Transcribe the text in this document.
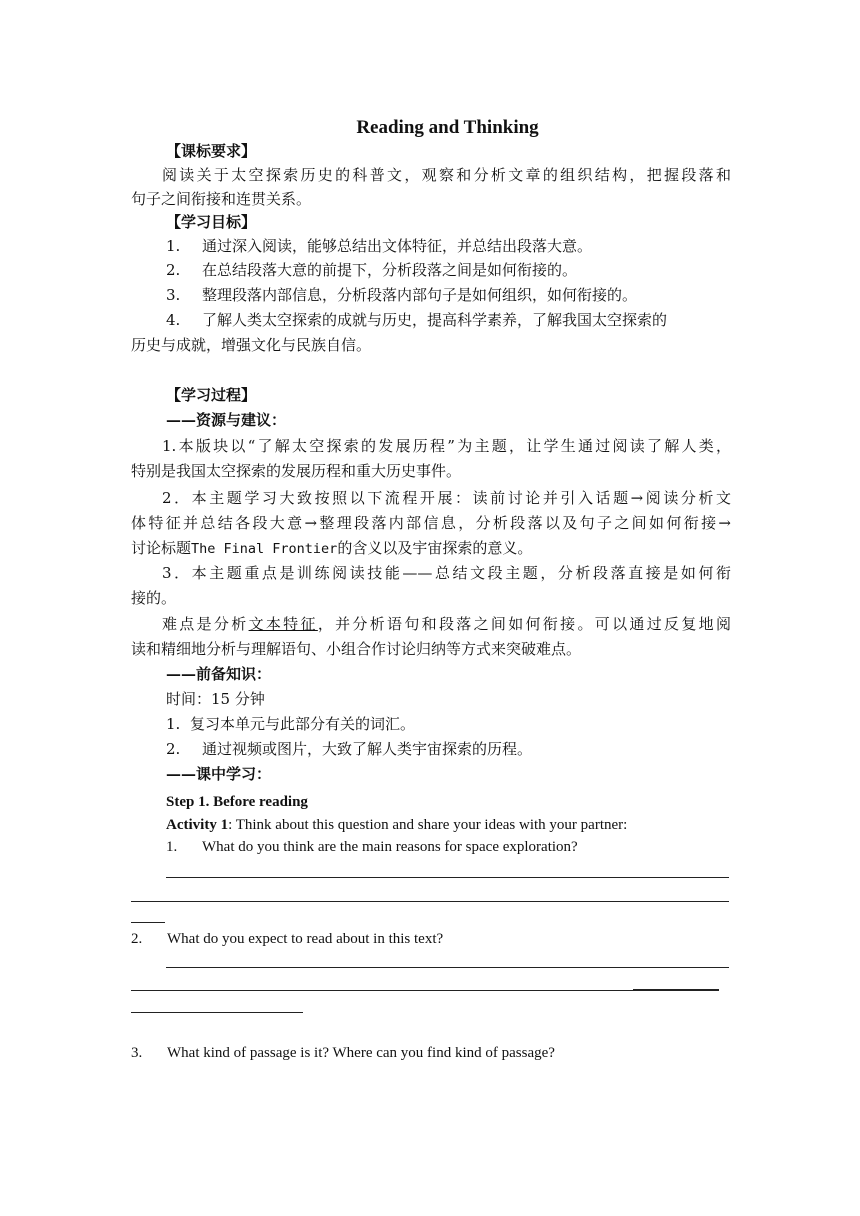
Reading and Thinking
【课标要求】
阅读关于太空探索历史的科普文，观察和分析文章的组织结构，把握段落和
句子之间衔接和连贯关系。
【学习目标】
1. 通过深入阅读，能够总结出文体特征，并总结出段落大意。
2. 在总结段落大意的前提下，分析段落之间是如何衔接的。
3. 整理段落内部信息，分析段落内部句子是如何组织，如何衔接的。
4. 了解人类太空探索的成就与历史，提高科学素养，了解我国太空探索的
历史与成就，增强文化与民族自信。
【学习过程】
——资源与建议：
1.本版块以“了解太空探索的发展历程”为主题，让学生通过阅读了解人类，
特别是我国太空探索的发展历程和重大历史事件。
2．本主题学习大致按照以下流程开展：读前讨论并引入话题→阅读分析文
体特征并总结各段大意→整理段落内部信息，分析段落以及句子之间如何衔接→
讨论标题The Final Frontier的含义以及宇宙探索的意义。
3．本主题重点是训练阅读技能——总结文段主题，分析段落直接是如何衔
接的。
难点是分析文本特征，并分析语句和段落之间如何衔接。可以通过反复地阅
读和精细地分析与理解语句、小组合作讨论归纳等方式来突破难点。
——前备知识：
时间：15 分钟
1. 复习本单元与此部分有关的词汇。
2. 通过视频或图片，大致了解人类宇宙探索的历程。
——课中学习：
Step 1. Before reading
Activity 1: Think about this question and share your ideas with your partner:
1. What do you think are the main reasons for space exploration?
2. What do you expect to read about in this text?
3. What kind of passage is it? Where can you find kind of passage?
